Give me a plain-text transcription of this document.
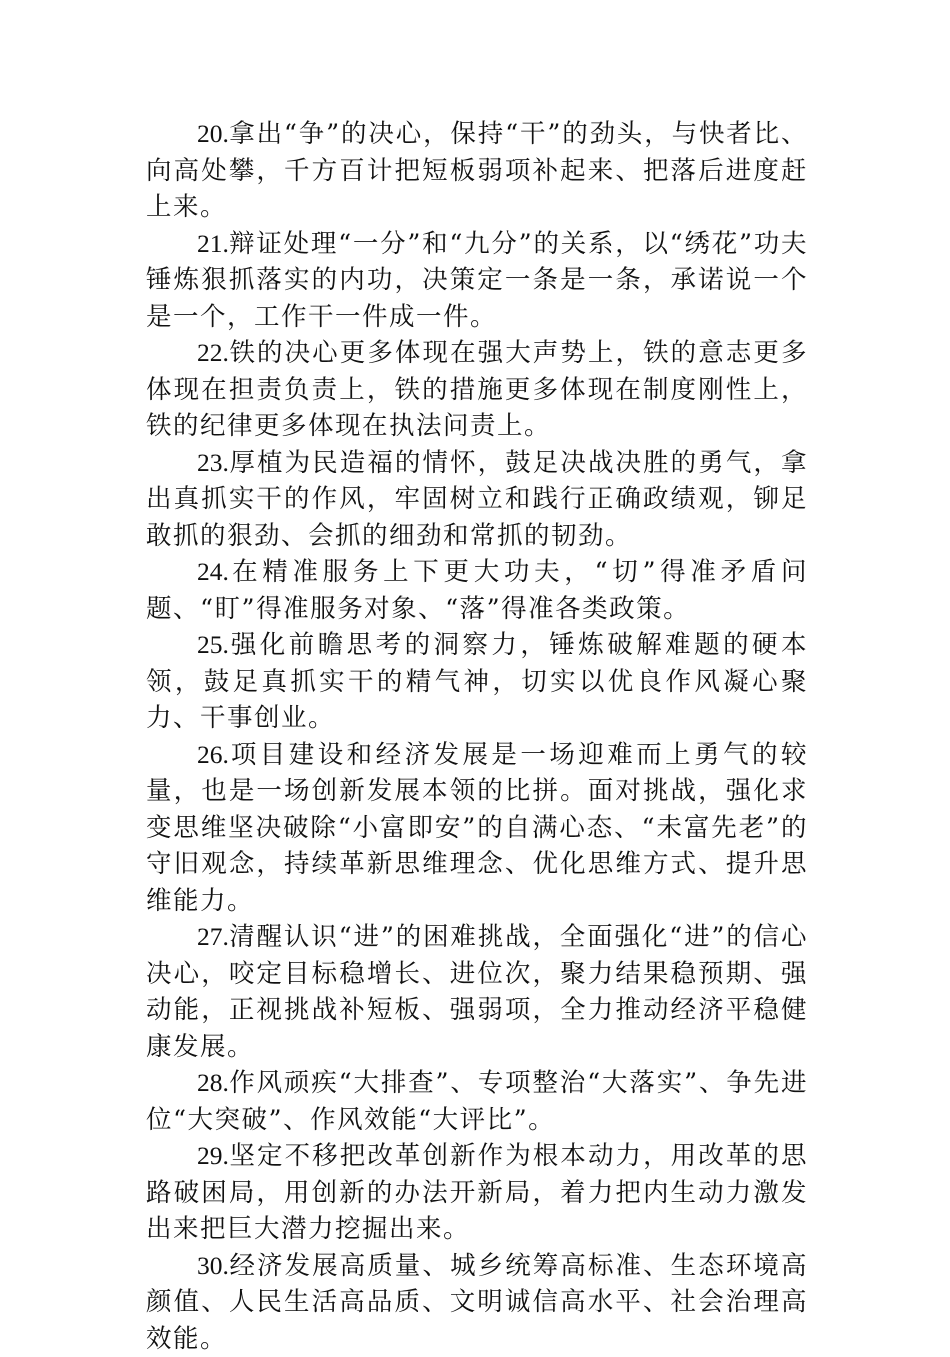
20.拿出“争”的决心，保持“干”的劲头，与快者比、向高处攀，千方百计把短板弱项补起来、把落后进度赶上来。

21.辩证处理“一分”和“九分”的关系，以“绣花”功夫锤炼狠抓落实的内功，决策定一条是一条，承诺说一个是一个，工作干一件成一件。

22.铁的决心更多体现在强大声势上，铁的意志更多体现在担责负责上，铁的措施更多体现在制度刚性上，铁的纪律更多体现在执法问责上。

23.厚植为民造福的情怀，鼓足决战决胜的勇气，拿出真抓实干的作风，牢固树立和践行正确政绩观，铆足敢抓的狠劲、会抓的细劲和常抓的韧劲。

24.在精准服务上下更大功夫，“切”得准矛盾问题、“盯”得准服务对象、“落”得准各类政策。

25.强化前瞻思考的洞察力，锤炼破解难题的硬本领，鼓足真抓实干的精气神，切实以优良作风凝心聚力、干事创业。

26.项目建设和经济发展是一场迎难而上勇气的较量，也是一场创新发展本领的比拼。面对挑战，强化求变思维坚决破除“小富即安”的自满心态、“未富先老”的守旧观念，持续革新思维理念、优化思维方式、提升思维能力。

27.清醒认识“进”的困难挑战，全面强化“进”的信心决心，咬定目标稳增长、进位次，聚力结果稳预期、强动能，正视挑战补短板、强弱项，全力推动经济平稳健康发展。

28.作风顽疾“大排查”、专项整治“大落实”、争先进位“大突破”、作风效能“大评比”。

29.坚定不移把改革创新作为根本动力，用改革的思路破困局，用创新的办法开新局，着力把内生动力激发出来把巨大潜力挖掘出来。

30.经济发展高质量、城乡统筹高标准、生态环境高颜值、人民生活高品质、文明诚信高水平、社会治理高效能。
